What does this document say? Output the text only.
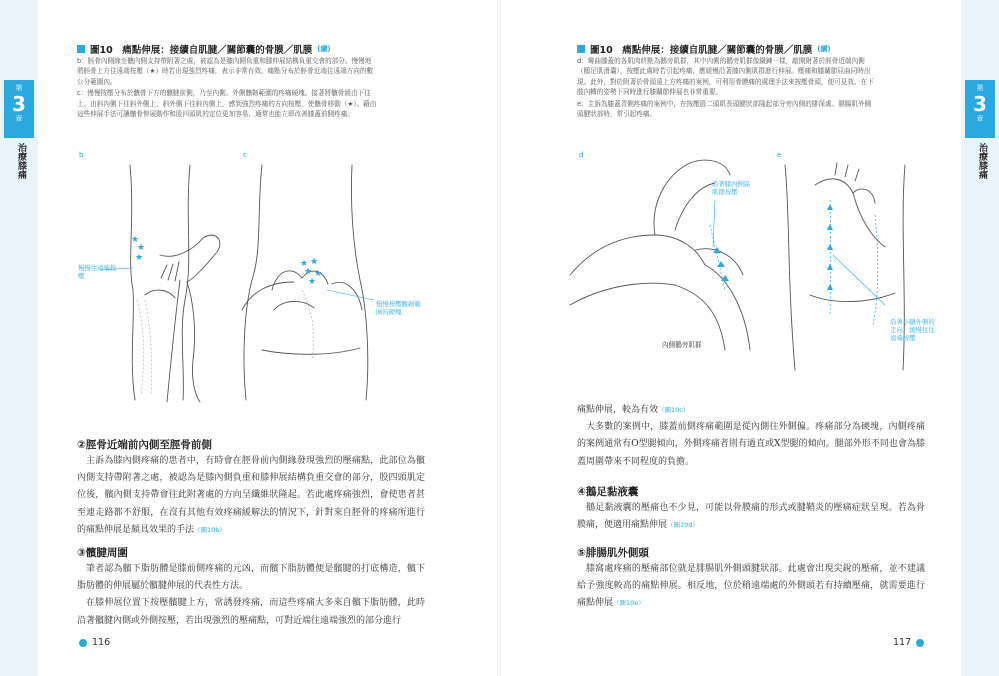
第
3
章
治療膝痛
第
3
章
治療膝痛
圖10　痛點伸展：接續自肌腱／關節囊的骨膜／肌膜 (續)

b：脛骨內側緣至髕內側支持帶附著之處，被認為是膝內側負重和膝伸展結構負重交會的部分。慢慢地將脛骨上方往遠端按壓（★）時若出現強烈疼痛，表示非常有效。痛點分布於脛骨近端往遠端方向的數公分範圍內。

c：慢慢按壓分布於髕骨下方的髕腱前側，乃至內側、外側髕韌範圍的疼痛硬塊。接著將髕骨緩由下往上、由斜內側下往斜外側上、斜外側下往斜內側上，感到強烈疼痛的方向按壓，使髕骨移動（★）。藉由這些伸展手法可讓髕骨伸展動作和股四頭肌的定位更加容易，通常也能立即改善膝蓋前側疼痛。

b	c
★
★
★
慢慢往遠端按壓
★ ★
★ ★
★
慢慢按壓髕韌範圍的硬塊
②脛骨近端前內側至脛骨前側

主訴為膝內側疼痛的患者中，有時會在脛骨前內側緣發現強烈的壓痛點，此部位為髕內側支持帶附著之處，被認為是膝內側負重和膝伸展結構負重交會的部分，股四頭肌定位後，髕內側支持帶會往此附著處的方向呈纖維狀隆起。若此處疼痛強烈，會使患者甚至連走路都不舒服，在沒有其他有效疼痛緩解法的情況下，針對來自脛骨的疼痛所進行的痛點伸展是頗具效果的手法（圖10b）

③髕腱周圍

筆者認為髕下脂肪體是膝前側疼痛的元凶，而髕下脂肪體便是髕腱的打底構造，髕下脂肪體的伸展屬於髕腱伸展的代表性方法。

在膝伸展位置下按壓髕腱上方，常誘發疼痛，而這些疼痛大多來自髕下脂肪體，此時沿著髕腱內側或外側按壓，若出現強烈的壓痛點，可對近端往遠端強烈的部分進行

116
圖10　痛點伸展：接續自肌腱／關節囊的骨膜／肌膜 (續)

d：彎曲膝蓋的各肌肉終點為鵝旁肌群，其中內側的鵝旁肌群像鐵鍊一樣，敲開附著於脛骨近端內側（鵝足肌滑囊），按壓此處時若引起疼痛，應緩慢沿著膝內側肌群進行伸展。壓痛和膝關節屈曲同時出現。此外，對於附著於骨頭遠上方疼痛的案例，可利用骨膜痛的處理手法來按壓骨頭，便可見效。在下肢內轉的姿勢下同時進行膝關節伸展也非常重要。

e：主訴為膝蓋背側疼痛的案例中，在按壓股二頭肌長頭腱狀部隆起部分旁內側的腓深處、腓腸肌外側頭腱狀部時，常引起疼痛。

d	e
沿著膝內側區肌群按壓
內側鵝旁肌群
沿著小腿外側的走向，緩慢往往遠端按壓

痛點伸展，較為有效（圖10c）

大多數的案例中，膝蓋前側疼痛範圍是從內側往外側偏。疼痛部分為硬塊，內側疼痛的案例通常有O型腿傾向，外側疼痛者則有過直或X型腿的傾向。腿部外形不同也會為膝蓋周圍帶來不同程度的負擔。

④鵝足黏液囊

鵝足黏液囊的壓痛也不少見，可能以骨膜痛的形式或腱鞘炎的壓痛症狀呈現。若為骨膜痛，便適用痛點伸展（圖10d）

⑤腓腸肌外側頭

膝窩處疼痛的壓痛部位就是腓腸肌外側頭腱狀部。此處會出現尖銳的壓痛，並不建議給予強度較高的痛點伸展。相反地，位於稍遠端處的外側頭若有持續壓痛，就需要進行痛點伸展（圖10e）

117
